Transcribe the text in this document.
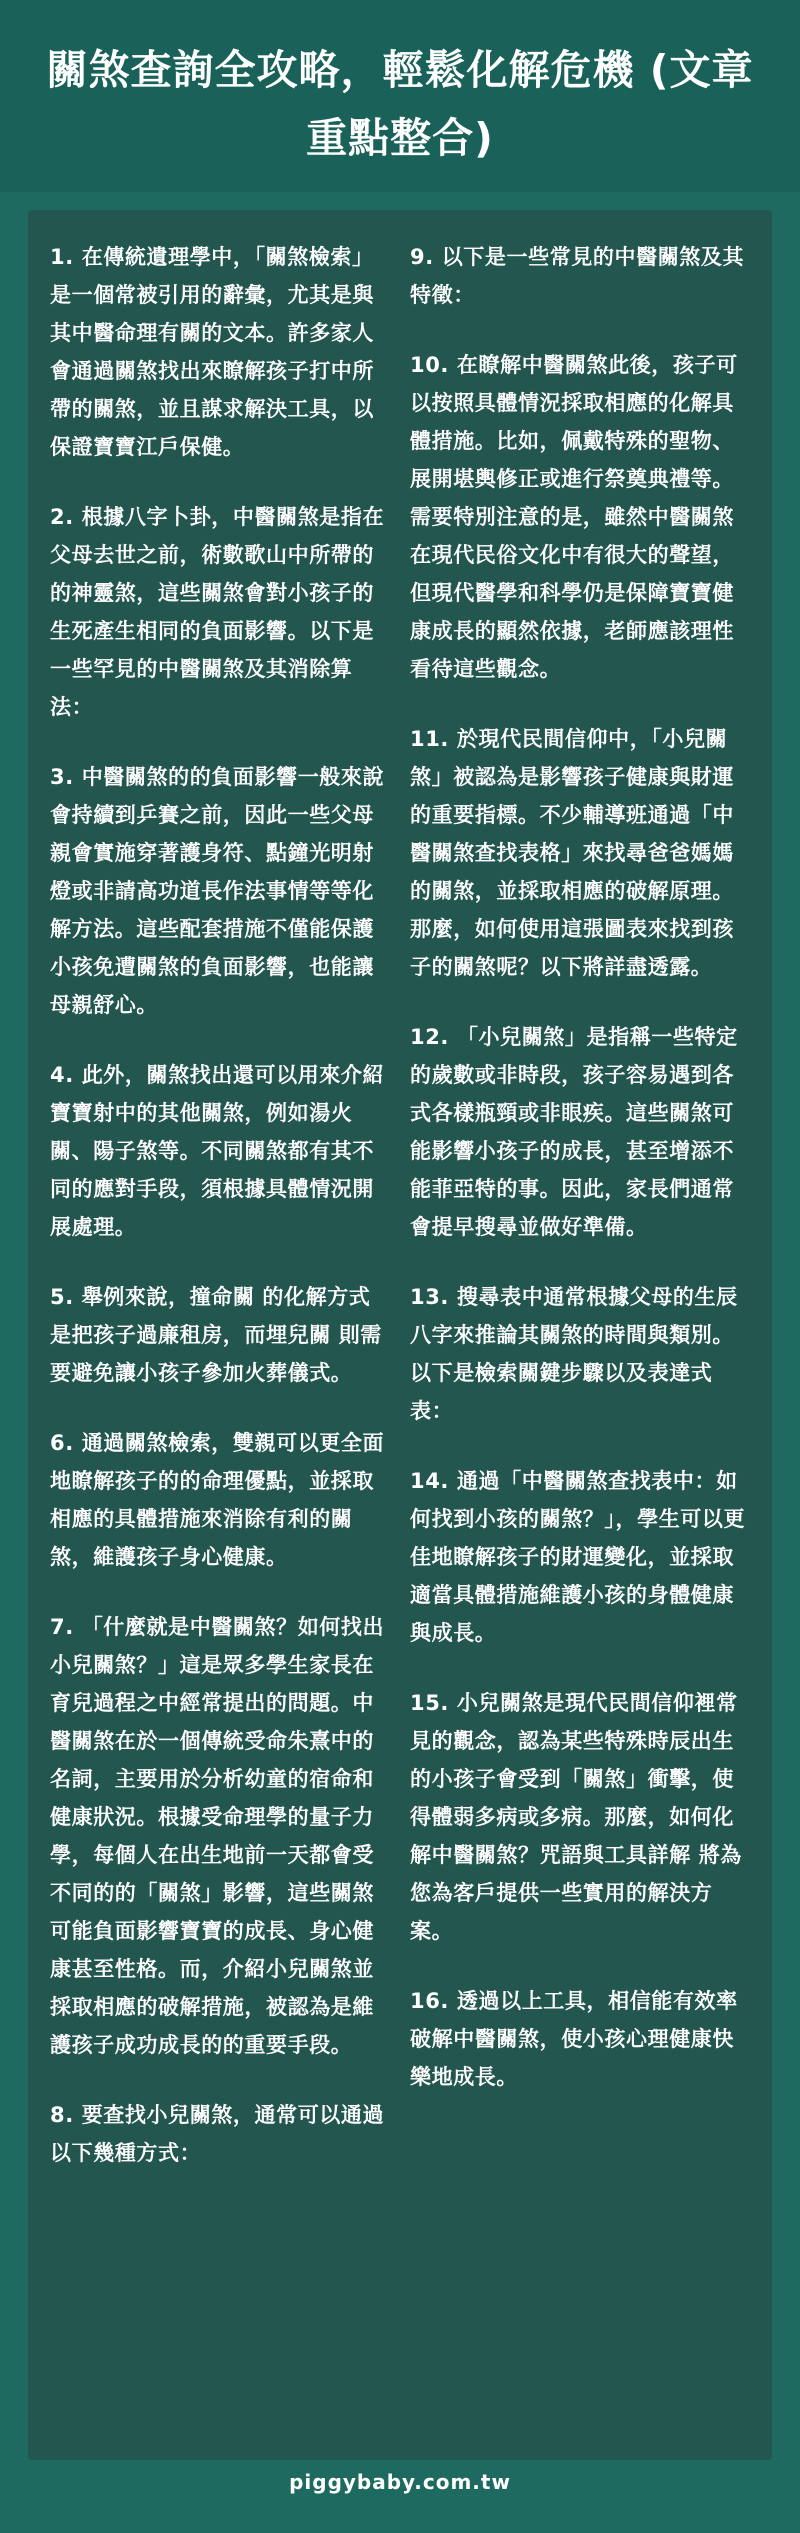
關煞查詢全攻略，輕鬆化解危機 (文章重點整合)

1. 在傳統遺理學中，「關煞檢索」是一個常被引用的辭彙，尤其是與其中醫命理有關的文本。許多家人會通過關煞找出來瞭解孩子打中所帶的關煞，並且謀求解決工具，以保證寶寶江戶保健。

2. 根據八字卜卦，中醫關煞是指在父母去世之前，術數歌山中所帶的的神靈煞，這些關煞會對小孩子的生死產生相同的負面影響。以下是一些罕見的中醫關煞及其消除算法：

3. 中醫關煞的的負面影響一般來說會持續到乒賽之前，因此一些父母親會實施穿著護身符、點鐘光明射燈或非請高功道長作法事情等等化解方法。這些配套措施不僅能保護小孩免遭關煞的負面影響，也能讓母親舒心。

4. 此外，關煞找出還可以用來介紹寶寶射中的其他關煞，例如湯火關、陽子煞等。不同關煞都有其不同的應對手段，須根據具體情況開展處理。

5. 舉例來說，撞命關 的化解方式是把孩子過廉租房，而埋兒關 則需要避免讓小孩子參加火葬儀式。

6. 通過關煞檢索，雙親可以更全面地瞭解孩子的的命理優點，並採取相應的具體措施來消除有利的關煞，維護孩子身心健康。

7. 「什麼就是中醫關煞？如何找出小兒關煞？」這是眾多學生家長在育兒過程之中經常提出的問題。中醫關煞在於一個傳統受命朱熹中的名詞，主要用於分析幼童的宿命和健康狀況。根據受命理學的量子力學，每個人在出生地前一天都會受不同的的「關煞」影響，這些關煞可能負面影響寶寶的成長、身心健康甚至性格。而，介紹小兒關煞並採取相應的破解措施，被認為是維護孩子成功成長的的重要手段。

8. 要查找小兒關煞，通常可以通過以下幾種方式：

9. 以下是一些常見的中醫關煞及其特徵：

10. 在瞭解中醫關煞此後，孩子可以按照具體情況採取相應的化解具體措施。比如，佩戴特殊的聖物、展開堪輿修正或進行祭奠典禮等。需要特別注意的是，雖然中醫關煞在現代民俗文化中有很大的聲望，但現代醫學和科學仍是保障寶寶健康成長的顯然依據，老師應該理性看待這些觀念。

11. 於現代民間信仰中，「小兒關煞」被認為是影響孩子健康與財運的重要指標。不少輔導班通過「中醫關煞查找表格」來找尋爸爸媽媽的關煞，並採取相應的破解原理。那麼，如何使用這張圖表來找到孩子的關煞呢？以下將詳盡透露。

12. 「小兒關煞」是指稱一些特定的歲數或非時段，孩子容易遇到各式各樣瓶頸或非眼疾。這些關煞可能影響小孩子的成長，甚至增添不能菲亞特的事。因此，家長們通常會提早搜尋並做好準備。

13. 搜尋表中通常根據父母的生辰八字來推論其關煞的時間與類別。以下是檢索關鍵步驟以及表達式表：

14. 通過「中醫關煞查找表中：如何找到小孩的關煞？」，學生可以更佳地瞭解孩子的財運變化，並採取適當具體措施維護小孩的身體健康與成長。

15. 小兒關煞是現代民間信仰裡常見的觀念，認為某些特殊時辰出生的小孩子會受到「關煞」衝擊，使得體弱多病或多病。那麼，如何化解中醫關煞？咒語與工具詳解 將為您為客戶提供一些實用的解決方案。

16. 透過以上工具，相信能有效率破解中醫關煞，使小孩心理健康快樂地成長。

piggybaby.com.tw
